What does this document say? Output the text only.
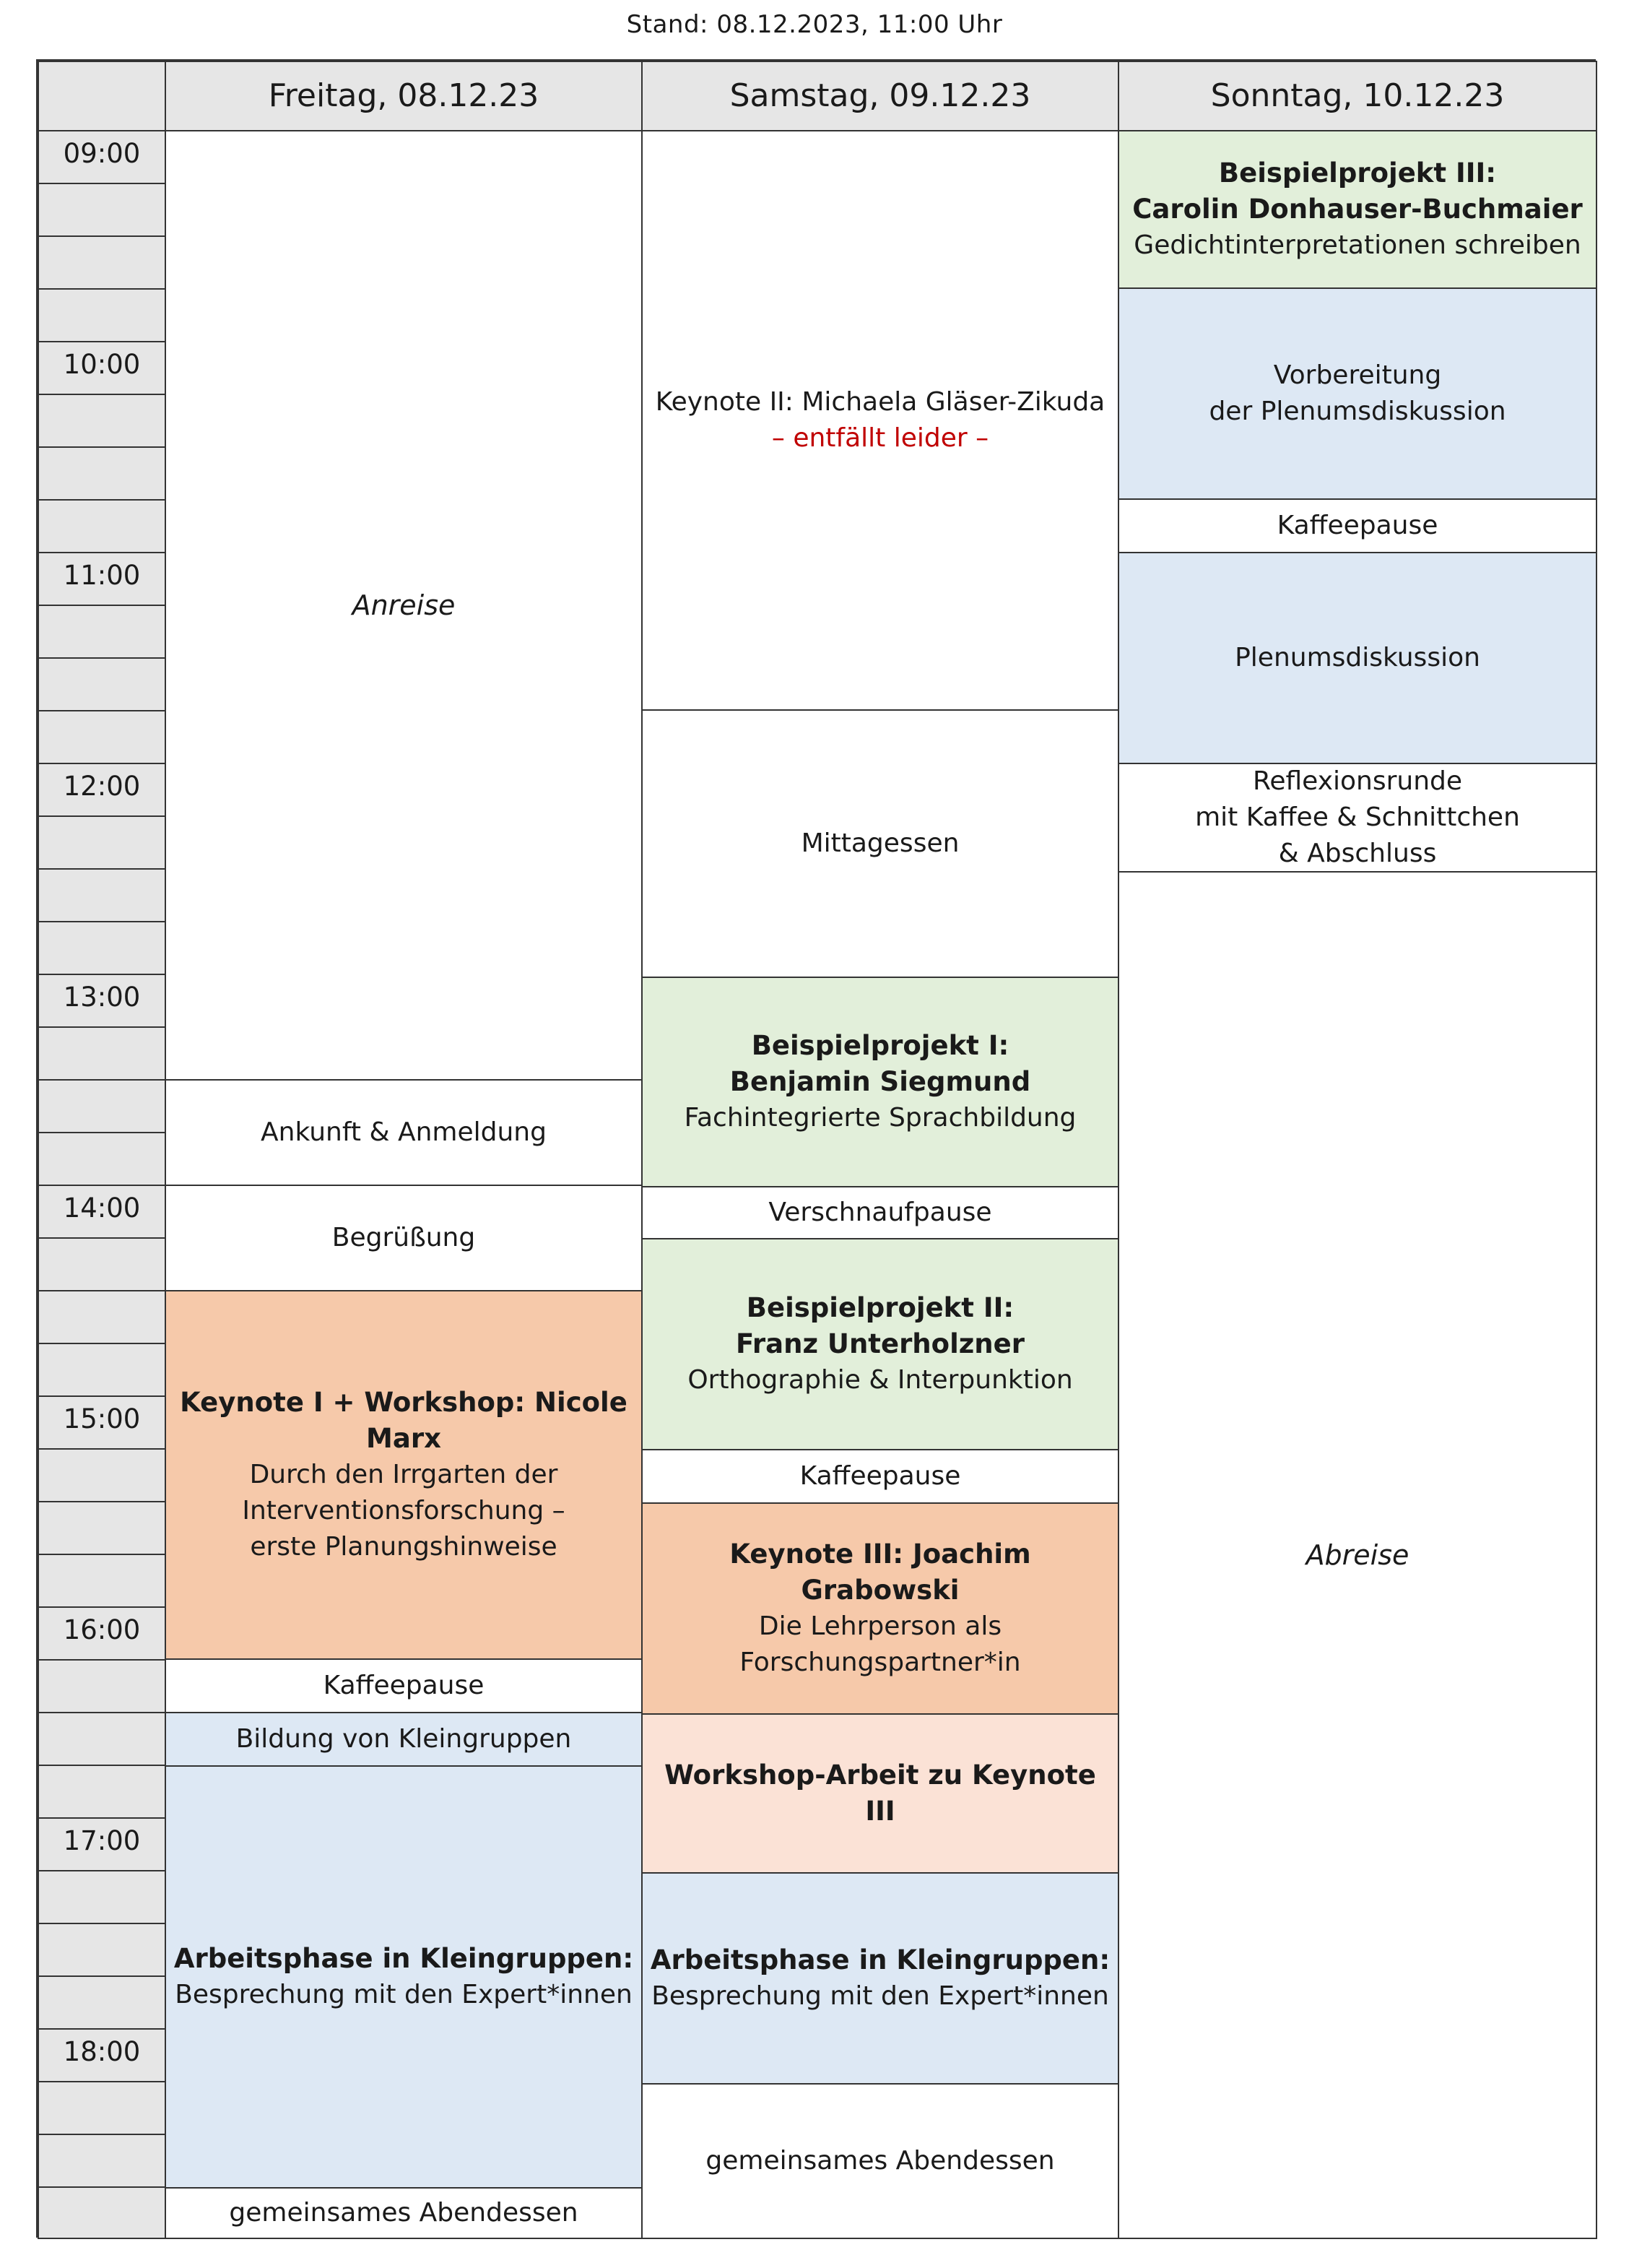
Stand: 08.12.2023, 11:00 Uhr
Freitag, 08.12.23	Samstag, 09.12.23	Sonntag, 10.12.23
Anreise
Ankunft & Anmeldung
Begrüßung
Keynote I + Workshop: Nicole Marx
Durch den Irrgarten der
Interventionsforschung –
erste Planungshinweise
Kaffeepause
Bildung von Kleingruppen
Arbeitsphase in Kleingruppen:
Besprechung mit den Expert*innen
gemeinsames Abendessen
Keynote II: Michaela Gläser-Zikuda
– entfällt leider –
Mittagessen
Beispielprojekt I:
Benjamin Siegmund
Fachintegrierte Sprachbildung
Verschnaufpause
Beispielprojekt II:
Franz Unterholzner
Orthographie & Interpunktion
Kaffeepause
Keynote III: Joachim Grabowski
Die Lehrperson als
Forschungspartner*in
Workshop-Arbeit zu Keynote III
Arbeitsphase in Kleingruppen:
Besprechung mit den Expert*innen
gemeinsames Abendessen
Beispielprojekt III:
Carolin Donhauser-Buchmaier
Gedichtinterpretationen schreiben
Vorbereitung
der Plenumsdiskussion
Kaffeepause
Plenumsdiskussion
Reflexionsrunde
mit Kaffee & Schnittchen
& Abschluss
Abreise
09:00
10:00
11:00
12:00
13:00
14:00
15:00
16:00
17:00
18:00
